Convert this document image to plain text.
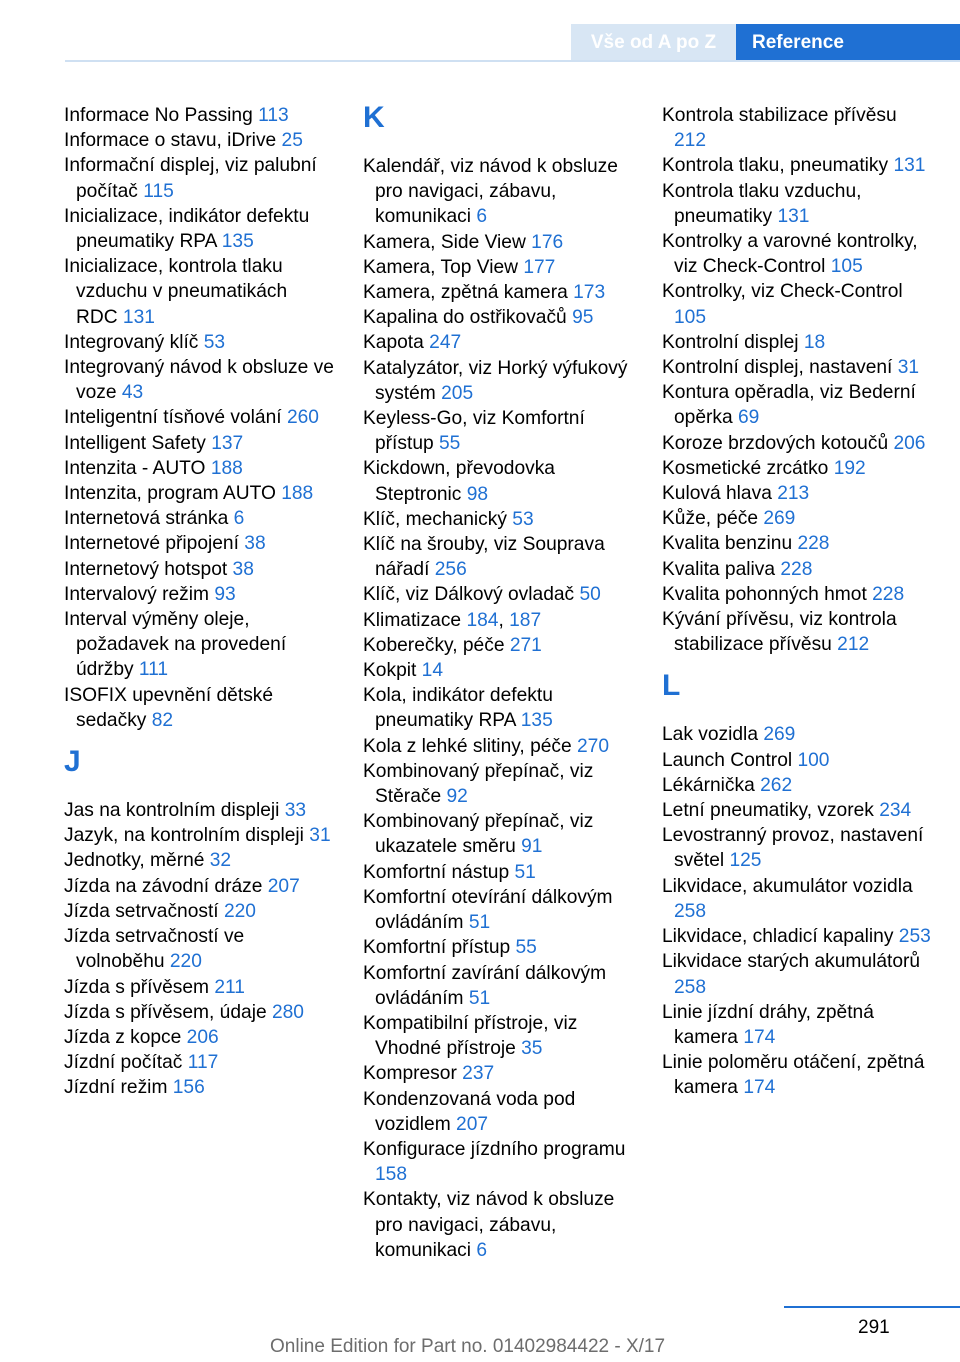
Vše od A po Z	Reference
Informace No Passing 113
Informace o stavu, iDrive 25
Informační displej, viz palubní počítač 115
Inicializace, indikátor defektu pneumatiky RPA 135
Inicializace, kontrola tlaku vzduchu v pneumatikách RDC 131
Integrovaný klíč 53
Integrovaný návod k obsluze ve voze 43
Inteligentní tísňové volání 260
Intelligent Safety 137
Intenzita - AUTO 188
Intenzita, program AUTO 188
Internetová stránka 6
Internetové připojení 38
Internetový hotspot 38
Intervalový režim 93
Interval výměny oleje, požadavek na provedení údržby 111
ISOFIX upevnění dětské sedačky 82
J
Jas na kontrolním displeji 33
Jazyk, na kontrolním displeji 31
Jednotky, měrné 32
Jízda na závodní dráze 207
Jízda setrvačností 220
Jízda setrvačností ve volnoběhu 220
Jízda s přívěsem 211
Jízda s přívěsem, údaje 280
Jízda z kopce 206
Jízdní počítač 117
Jízdní režim 156
K
Kalendář, viz návod k obsluze pro navigaci, zábavu, komunikaci 6
Kamera, Side View 176
Kamera, Top View 177
Kamera, zpětná kamera 173
Kapalina do ostřikovačů 95
Kapota 247
Katalyzátor, viz Horký výfukový systém 205
Keyless-Go, viz Komfortní přístup 55
Kickdown, převodovka Steptronic 98
Klíč, mechanický 53
Klíč na šrouby, viz Souprava nářadí 256
Klíč, viz Dálkový ovladač 50
Klimatizace 184, 187
Koberečky, péče 271
Kokpit 14
Kola, indikátor defektu pneumatiky RPA 135
Kola z lehké slitiny, péče 270
Kombinovaný přepínač, viz Stěrače 92
Kombinovaný přepínač, viz ukazatele směru 91
Komfortní nástup 51
Komfortní otevírání dálkovým ovládáním 51
Komfortní přístup 55
Komfortní zavírání dálkovým ovládáním 51
Kompatibilní přístroje, viz Vhodné přístroje 35
Kompresor 237
Kondenzovaná voda pod vozidlem 207
Konfigurace jízdního programu 158
Kontakty, viz návod k obsluze pro navigaci, zábavu, komunikaci 6
Kontrola stabilizace přívěsu 212
Kontrola tlaku, pneumatiky 131
Kontrola tlaku vzduchu, pneumatiky 131
Kontrolky a varovné kontrolky, viz Check-Control 105
Kontrolky, viz Check-Control 105
Kontrolní displej 18
Kontrolní displej, nastavení 31
Kontura opěradla, viz Bederní opěrka 69
Koroze brzdových kotoučů 206
Kosmetické zrcátko 192
Kulová hlava 213
Kůže, péče 269
Kvalita benzinu 228
Kvalita paliva 228
Kvalita pohonných hmot 228
Kývání přívěsu, viz kontrola stabilizace přívěsu 212
L
Lak vozidla 269
Launch Control 100
Lékárnička 262
Letní pneumatiky, vzorek 234
Levostranný provoz, nastavení světel 125
Likvidace, akumulátor vozidla 258
Likvidace, chladicí kapaliny 253
Likvidace starých akumulátorů 258
Linie jízdní dráhy, zpětná kamera 174
Linie poloměru otáčení, zpětná kamera 174
291
Online Edition for Part no. 01402984422 - X/17
